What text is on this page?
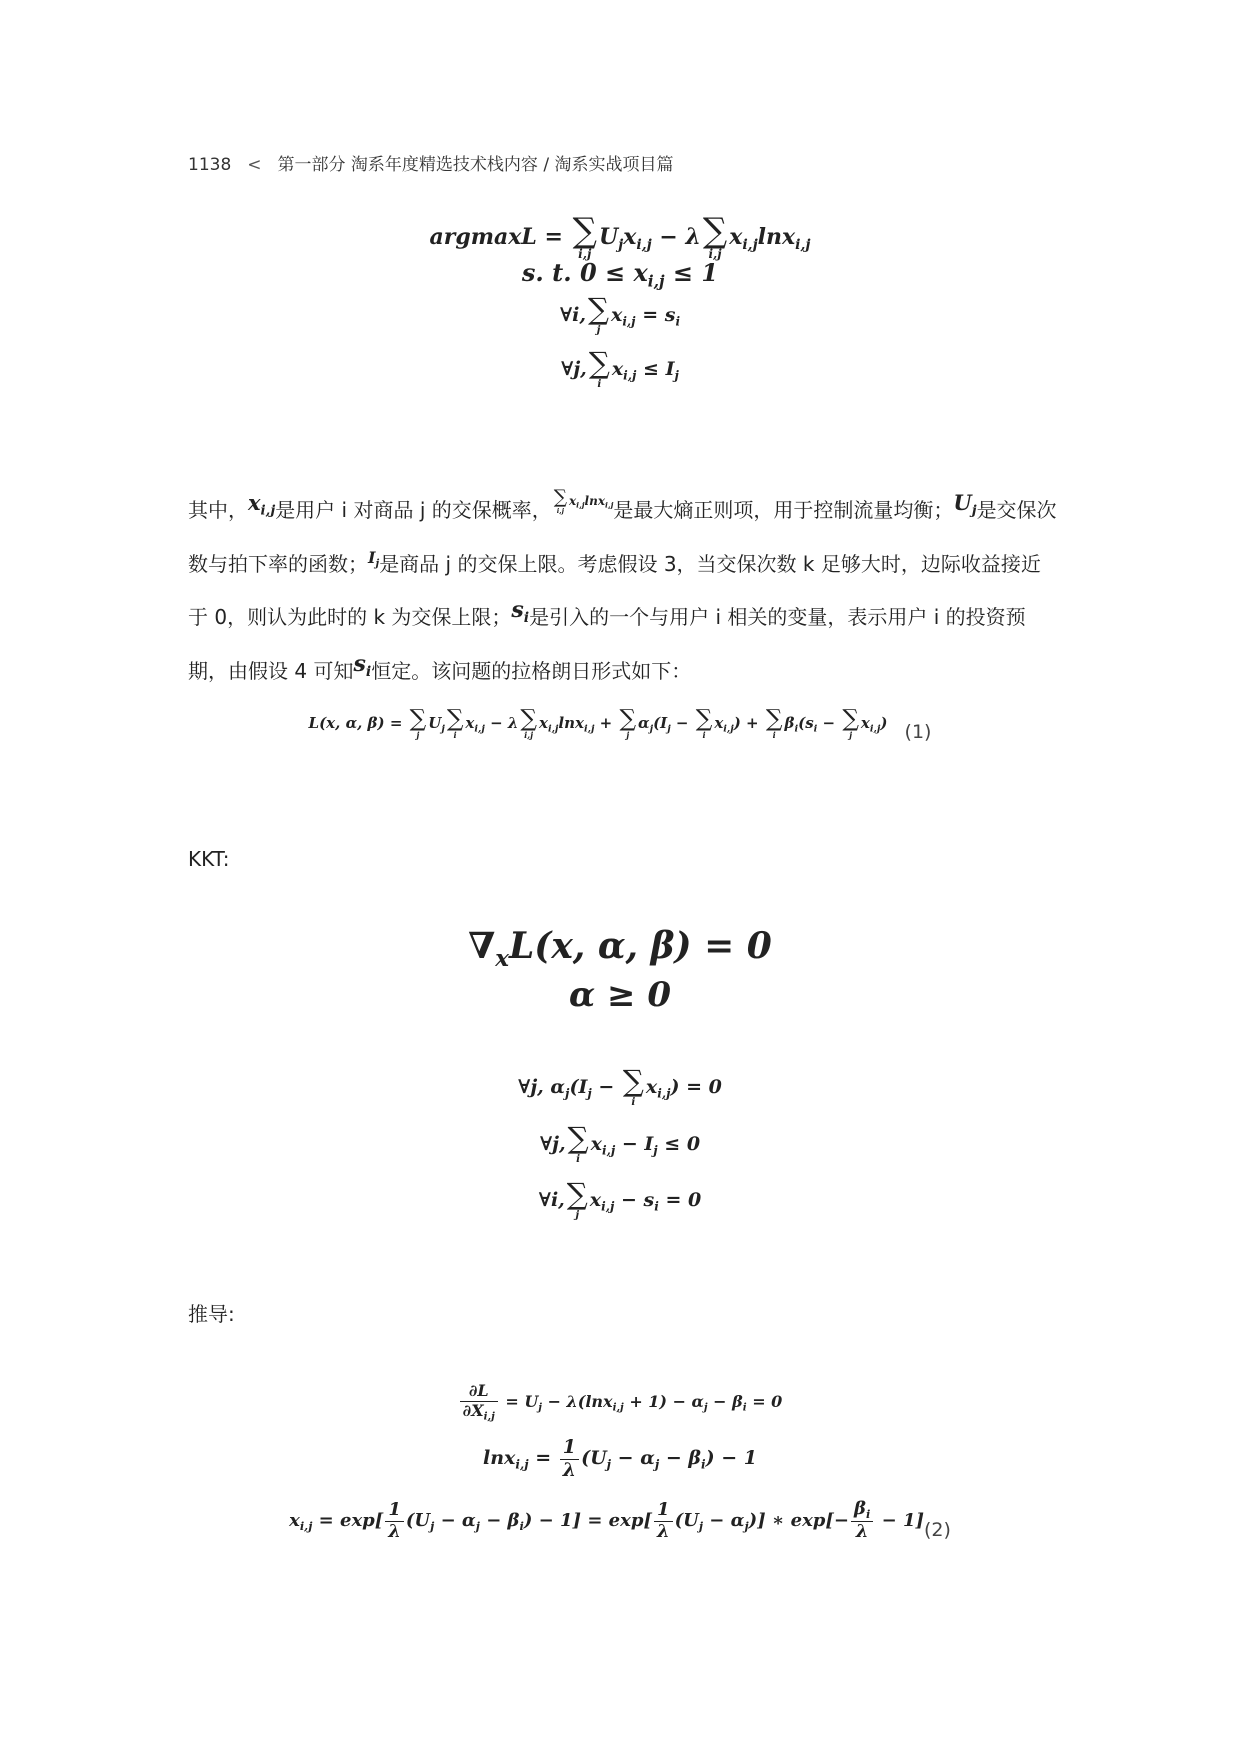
1138 < 第一部分 淘系年度精选技术栈内容 / 淘系实战项目篇
argmaxL = ∑
i,j
$U_jx_{i,j} - \lambda$ ∑
i,j
$x_{i,j}\ln x_{i,j}$
s. t. $0 \le x_{i,j} \le 1$
∀i, ∑
j
$x_{i,j} = s_i$
∀j, ∑
i
$x_{i,j} \le I_j$
其中，$x_{i,j}$是用户 i 对商品 j 的交保概率，
$^{\sum i,j x_{i,j}lnx_{i,j}}$是最大熵正则项，用于控制流量均衡；$U_j$是交保次数与拍下率的函数；$^{I_j}$是商品 j 的交保上限。考虑假设 3，当交保次数 k 足够大时，边际收益接近于 0，则认为此时的 k 为交保上限；$s_i$是引入的一个与用户 i 相关的变量，表示用户 i 的投资预期，由假设 4 可知$s_i$恒定。该问题的拉格朗日形式如下：
L(x, α, β) = ∑
j
$U_j$ ∑
i
$x_{i,j} - \lambda$ ∑
i,j
$x_{i,j}\ln x_{i,j}$ + ∑
j
$\alpha_j(I_j$ − ∑
i
$x_{i,j}$) + ∑
i
$\beta_i(s_i$ − ∑
j
$x_{i,j}$) (1)
KKT:
$\nabla_xL(x$, α, β) = 0
α ≥ 0
∀j, $\alpha_j(I_j$ − ∑
i
$x_{i,j}) = 0$
∀j, ∑
i
$x_{i,j} - I_j \le 0$
∀i, ∑
j
$x_{i,j} - s_i = 0$
推导:
$\frac{\partial L}{\partial X_{i,j}} = U_j - \lambda(\ln x_{i,j} + 1) - \alpha_j - \beta_i = 0$
$\ln x_{i,j} = \frac{1}{\lambda} (U_j - \alpha_j - \beta_i) - 1$
$x_{i,j} = \exp[ \frac{1}{\lambda} (U_j - \alpha_j - \beta_i) - 1] = \exp[ \frac{1}{\lambda} (U_j - \alpha_j)]$ ∗ $\exp[- \frac{\beta_i}{\lambda} - 1](2)$
